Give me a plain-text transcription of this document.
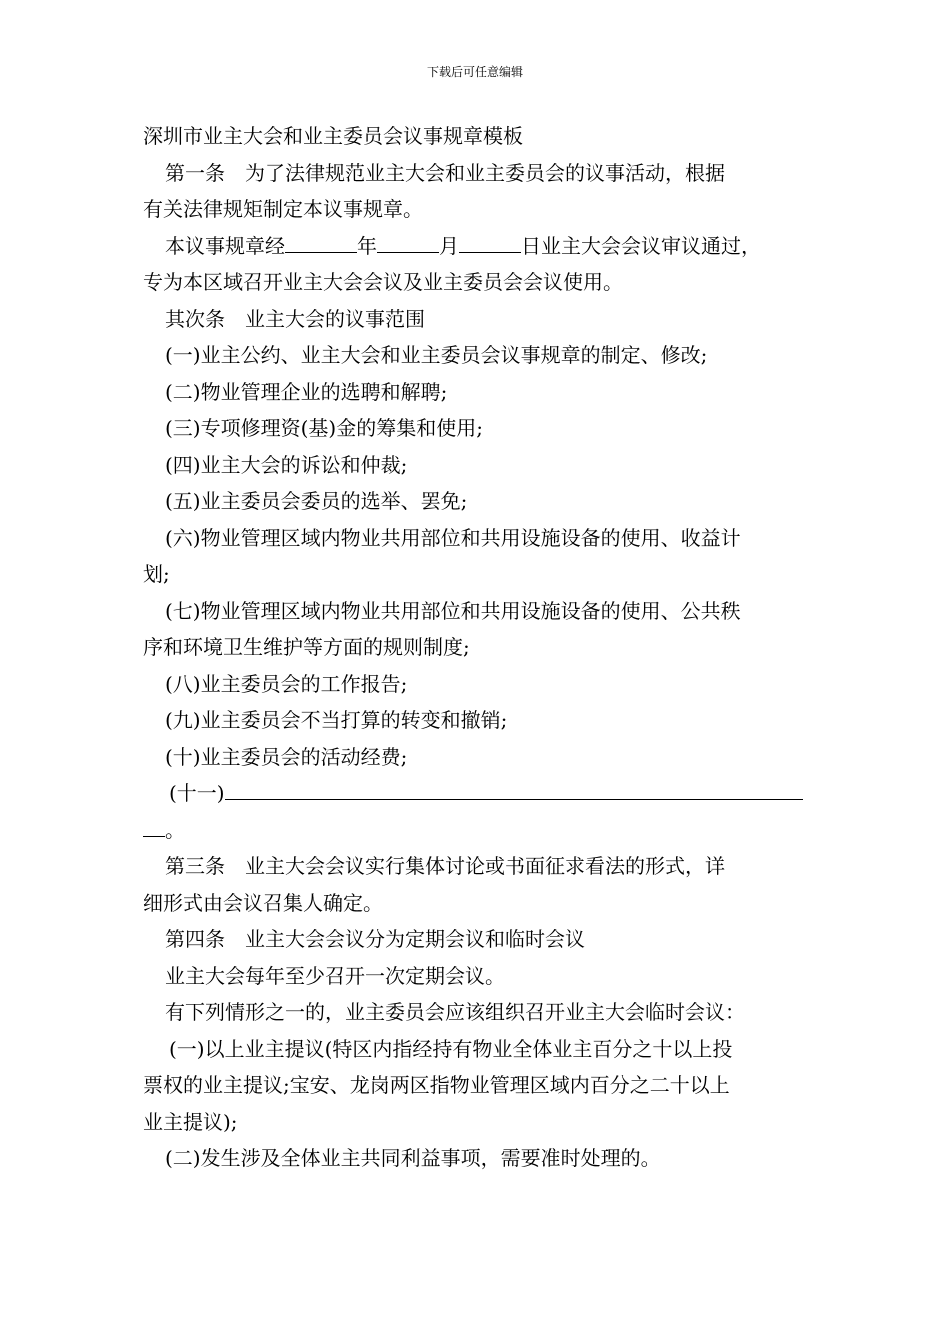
下载后可任意编辑
深圳市业主大会和业主委员会议事规章模板
第一条　为了法律规范业主大会和业主委员会的议事活动，根据
有关法律规矩制定本议事规章。
本议事规章经	年	月	日业主大会会议审议通过，
专为本区域召开业主大会会议及业主委员会会议使用。
其次条　业主大会的议事范围
(一)业主公约、业主大会和业主委员会议事规章的制定、修改;
(二)物业管理企业的选聘和解聘;
(三)专项修理资(基)金的筹集和使用;
(四)业主大会的诉讼和仲裁;
(五)业主委员会委员的选举、罢免;
(六)物业管理区域内物业共用部位和共用设施设备的使用、收益计
划;
(七)物业管理区域内物业共用部位和共用设施设备的使用、公共秩
序和环境卫生维护等方面的规则制度;
(八)业主委员会的工作报告;
(九)业主委员会不当打算的转变和撤销;
(十)业主委员会的活动经费;
(十一)
。
第三条　业主大会会议实行集体讨论或书面征求看法的形式，详
细形式由会议召集人确定。
第四条　业主大会会议分为定期会议和临时会议
业主大会每年至少召开一次定期会议。
有下列情形之一的，业主委员会应该组织召开业主大会临时会议：
(一)以上业主提议(特区内指经持有物业全体业主百分之十以上投
票权的业主提议;宝安、龙岗两区指物业管理区域内百分之二十以上
业主提议);
(二)发生涉及全体业主共同利益事项，需要准时处理的。
